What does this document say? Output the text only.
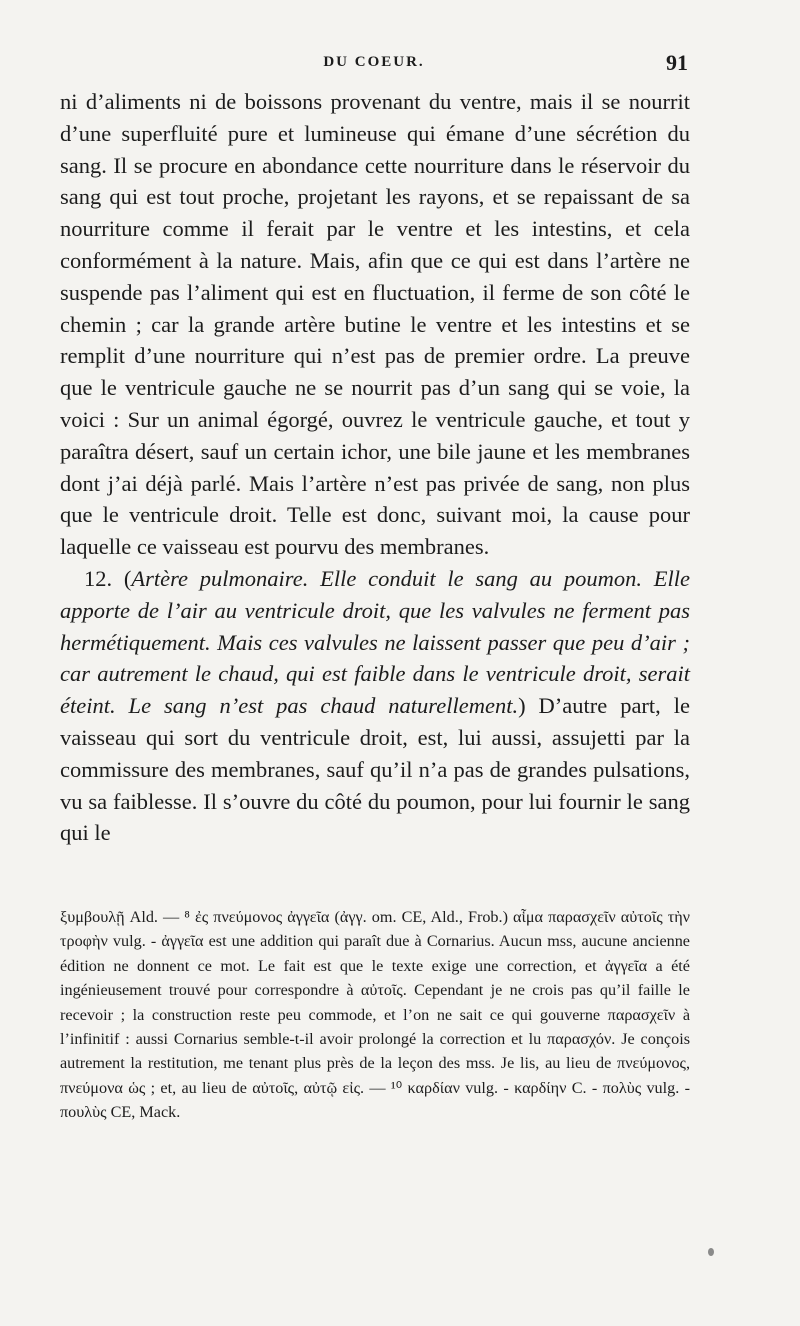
DU COEUR.	91

ni d’aliments ni de boissons provenant du ventre, mais il se nourrit d’une superfluité pure et lumineuse qui émane d’une sécrétion du sang. Il se procure en abondance cette nourriture dans le réservoir du sang qui est tout proche, projetant les rayons, et se repaissant de sa nourriture comme il ferait par le ventre et les intestins, et cela conformément à la nature. Mais, afin que ce qui est dans l’artère ne suspende pas l’aliment qui est en fluctuation, il ferme de son côté le chemin ; car la grande artère butine le ventre et les intestins et se remplit d’une nourriture qui n’est pas de premier ordre. La preuve que le ventricule gauche ne se nourrit pas d’un sang qui se voie, la voici : Sur un animal égorgé, ouvrez le ventricule gauche, et tout y paraîtra désert, sauf un certain ichor, une bile jaune et les membranes dont j’ai déjà parlé. Mais l’artère n’est pas privée de sang, non plus que le ventricule droit. Telle est donc, suivant moi, la cause pour laquelle ce vaisseau est pourvu des membranes.

12. (Artère pulmonaire. Elle conduit le sang au poumon. Elle apporte de l’air au ventricule droit, que les valvules ne ferment pas hermétiquement. Mais ces valvules ne laissent passer que peu d’air ; car autrement le chaud, qui est faible dans le ventricule droit, serait éteint. Le sang n’est pas chaud naturellement.) D’autre part, le vaisseau qui sort du ventricule droit, est, lui aussi, assujetti par la commissure des membranes, sauf qu’il n’a pas de grandes pulsations, vu sa faiblesse. Il s’ouvre du côté du poumon, pour lui fournir le sang qui le

ξυμβουλῇ Ald. — ⁸ ἐς πνεύμονος ἀγγεῖα (ἀγγ. om. CE, Ald., Frob.) αἷμα παρασχεῖν αὐτοῖς τὴν τροφὴν vulg. - ἀγγεῖα est une addition qui paraît due à Cornarius. Aucun mss, aucune ancienne édition ne donnent ce mot. Le fait est que le texte exige une correction, et ἀγγεῖα a été ingénieusement trouvé pour correspondre à αὐτοῖς. Cependant je ne crois pas qu’il faille le recevoir ; la construction reste peu commode, et l’on ne sait ce qui gouverne παρασχεῖν à l’infinitif : aussi Cornarius semble-t-il avoir prolongé la correction et lu παρασχόν. Je conçois autrement la restitution, me tenant plus près de la leçon des mss. Je lis, au lieu de πνεύμονος, πνεύμονα ὡς ; et, au lieu de αὐτοῖς, αὐτῷ εἰς. — ¹⁰ καρδίαν vulg. - καρδίην C. - πολὺς vulg. - πουλὺς CE, Mack.
